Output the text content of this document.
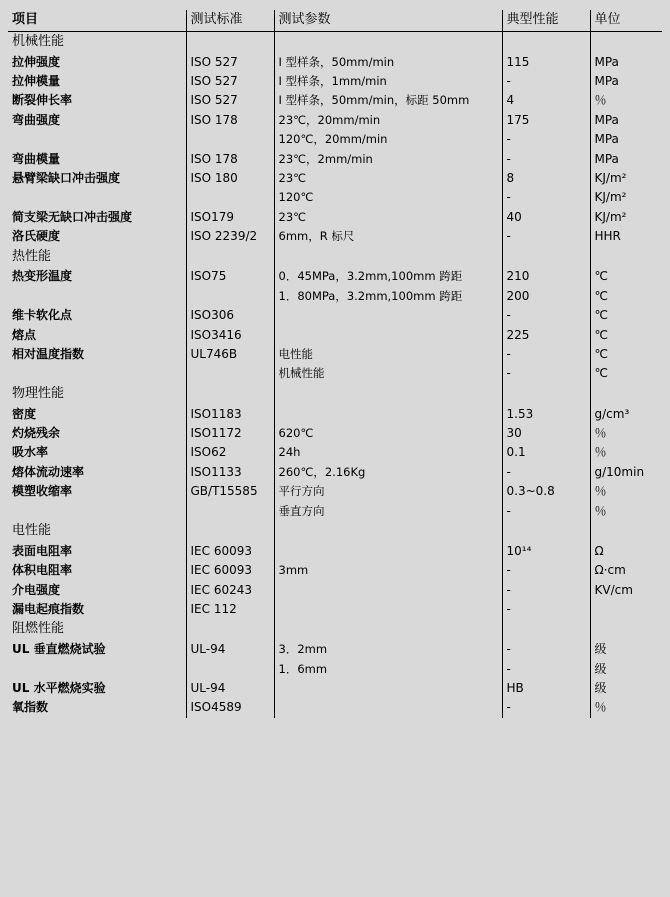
项目	测试标准	测试参数	典型性能	单位
机械性能				
拉伸强度	ISO 527	I 型样条，50mm/min	115	MPa
拉伸模量	ISO 527	I 型样条，1mm/min	-	MPa
断裂伸长率	ISO 527	I 型样条，50mm/min，标距 50mm	4	％
弯曲强度	ISO 178	23℃，20mm/min	175	MPa
		120℃，20mm/min	-	MPa
弯曲模量	ISO 178	23℃，2mm/min	-	MPa
悬臂梁缺口冲击强度	ISO 180	23℃	8	KJ/m²
		120℃	-	KJ/m²
简支梁无缺口冲击强度	ISO179	23℃	40	KJ/m²
洛氏硬度	ISO 2239/2	6mm，R 标尺	-	HHR
热性能				
热变形温度	ISO75	0．45MPa，3.2mm,100mm 跨距	210	℃
		1．80MPa，3.2mm,100mm 跨距	200	℃
维卡软化点	ISO306		-	℃
熔点	ISO3416		225	℃
相对温度指数	UL746B	电性能	-	℃
		机械性能	-	℃
物理性能				
密度	ISO1183		1.53	g/cm³
灼烧残余	ISO1172	620℃	30	％
吸水率	ISO62	24h	0.1	％
熔体流动速率	ISO1133	260℃，2.16Kg	-	g/10min
模塑收缩率	GB/T15585	平行方向	0.3~0.8	％
		垂直方向	-	％
电性能				
表面电阻率	IEC 60093		10¹⁴	Ω
体积电阻率	IEC 60093	3mm	-	Ω·cm
介电强度	IEC 60243		-	KV/cm
漏电起痕指数	IEC 112		-	
阻燃性能				
UL 垂直燃烧试验	UL-94	3．2mm	-	级
		1．6mm	-	级
UL 水平燃烧实验	UL-94		HB	级
氧指数	ISO4589		-	％
